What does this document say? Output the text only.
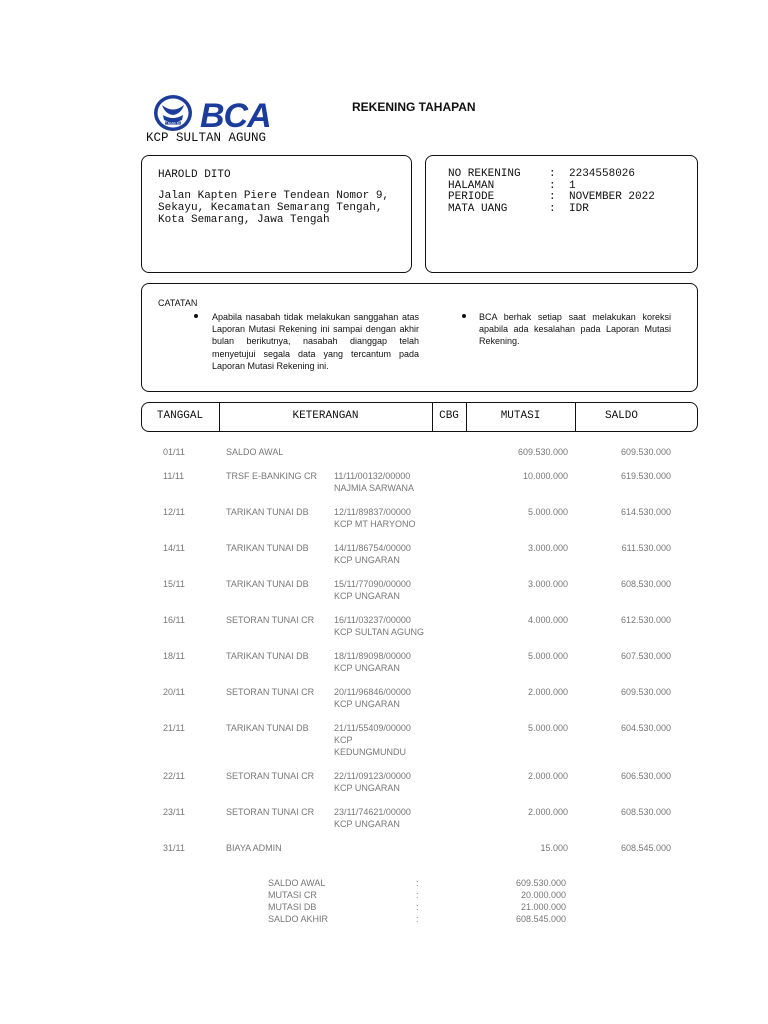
PT BANK BCA BCA	REKENING TAHAPAN
KCP SULTAN AGUNG
HAROLD DITO
Jalan Kapten Piere Tendean Nomor 9,
Sekayu, Kecamatan Semarang Tengah,
Kota Semarang, Jawa Tengah
NO REKENING	: 2234558026
HALAMAN	: 1
PERIODE	: NOVEMBER 2022
MATA UANG	: IDR
CATATAN
Apabila nasabah tidak melakukan sanggahan atas Laporan Mutasi Rekening ini sampai dengan akhir bulan berikutnya, nasabah dianggap telah menyetujui segala data yang tercantum pada Laporan Mutasi Rekening ini.
BCA berhak setiap saat melakukan koreksi apabila ada kesalahan pada Laporan Mutasi Rekening.
TANGGAL	KETERANGAN	CBG	MUTASI	SALDO
01/11	SALDO AWAL	609.530.000	609.530.000
11/11	TRSF E-BANKING CR 11/11/00132/00000
NAJMIA SARWANA
10.000.000	619.530.000
12/11	TARIKAN TUNAI DB	12/11/89837/00000
KCP MT HARYONO
5.000.000	614.530.000
14/11	TARIKAN TUNAI DB	14/11/86754/00000
KCP UNGARAN
3.000.000	611.530.000
15/11	TARIKAN TUNAI DB	15/11/77090/00000
KCP UNGARAN
3.000.000	608.530.000
16/11	SETORAN TUNAI CR 16/11/03237/00000
KCP SULTAN AGUNG
4.000.000	612.530.000
18/11	TARIKAN TUNAI DB	18/11/89098/00000
KCP UNGARAN
5.000.000	607.530.000
20/11	SETORAN TUNAI CR 20/11/96846/00000
KCP UNGARAN
2.000.000	609.530.000
21/11	TARIKAN TUNAI DB	21/11/55409/00000
KCP
KEDUNGMUNDU
5.000.000	604.530.000
22/11	SETORAN TUNAI CR 22/11/09123/00000
KCP UNGARAN
2.000.000	606.530.000
23/11	SETORAN TUNAI CR 23/11/74621/00000
KCP UNGARAN
2.000.000	608.530.000
31/11	BIAYA ADMIN	15.000	608.545.000
SALDO AWAL	:	609.530.000
MUTASI CR	:	20.000.000
MUTASI DB	:	21.000.000
SALDO AKHIR	:	608.545.000
